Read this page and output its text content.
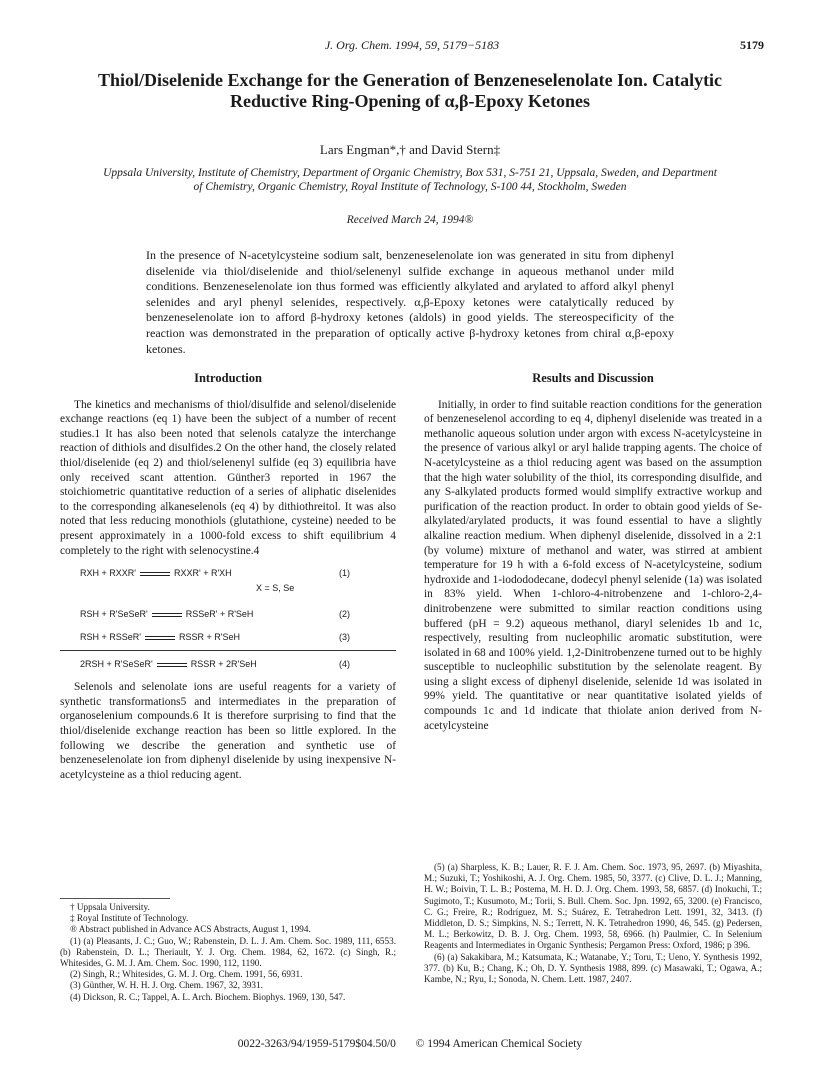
J. Org. Chem. 1994, 59, 5179−5183	5179
Thiol/Diselenide Exchange for the Generation of Benzeneselenolate Ion. Catalytic Reductive Ring-Opening of α,β-Epoxy Ketones
Lars Engman*,† and David Stern‡
Uppsala University, Institute of Chemistry, Department of Organic Chemistry, Box 531, S-751 21, Uppsala, Sweden, and Department of Chemistry, Organic Chemistry, Royal Institute of Technology, S-100 44, Stockholm, Sweden
Received March 24, 1994®
In the presence of N-acetylcysteine sodium salt, benzeneselenolate ion was generated in situ from diphenyl diselenide via thiol/diselenide and thiol/selenenyl sulfide exchange in aqueous methanol under mild conditions. Benzeneselenolate ion thus formed was efficiently alkylated and arylated to afford alkyl phenyl selenides and aryl phenyl selenides, respectively. α,β-Epoxy ketones were catalytically reduced by benzeneselenolate ion to afford β-hydroxy ketones (aldols) in good yields. The stereospecificity of the reaction was demonstrated in the preparation of optically active β-hydroxy ketones from chiral α,β-epoxy ketones.
Introduction

The kinetics and mechanisms of thiol/disulfide and selenol/diselenide exchange reactions (eq 1) have been the subject of a number of recent studies.1 It has also been noted that selenols catalyze the interchange reaction of dithiols and disulfides.2 On the other hand, the closely related thiol/diselenide (eq 2) and thiol/selenenyl sulfide (eq 3) equilibria have only received scant attention. Günther3 reported in 1967 the stoichiometric quantitative reduction of a series of aliphatic diselenides to the corresponding alkaneselenols (eq 4) by dithiothreitol. It was also noted that less reducing monothiols (glutathione, cysteine) needed to be present approximately in a 1000-fold excess to shift equilibrium 4 completely to the right with selenocystine.4

RXH + RXXR'	RXXR' + R'XH	(1)
X = S, Se
RSH + R'SeSeR'	RSSeR' + R'SeH	(2)
RSH + RSSeR'	RSSR + R'SeH	(3)
2RSH + R'SeSeR'	RSSR + 2R'SeH	(4)

Selenols and selenolate ions are useful reagents for a variety of synthetic transformations5 and intermediates in the preparation of organoselenium compounds.6 It is therefore surprising to find that the thiol/diselenide exchange reaction has been so little explored. In the following we describe the generation and synthetic use of benzeneselenolate ion from diphenyl diselenide by using inexpensive N-acetylcysteine as a thiol reducing agent.

Results and Discussion

Initially, in order to find suitable reaction conditions for the generation of benzeneselenol according to eq 4, diphenyl diselenide was treated in a methanolic aqueous solution under argon with excess N-acetylcysteine in the presence of various alkyl or aryl halide trapping agents. The choice of N-acetylcysteine as a thiol reducing agent was based on the assumption that the high water solubility of the thiol, its corresponding disulfide, and any S-alkylated products formed would simplify extractive workup and purification of the reaction product. In order to obtain good yields of Se-alkylated/arylated products, it was found essential to have a slightly alkaline reaction medium. When diphenyl diselenide, dissolved in a 2:1 (by volume) mixture of methanol and water, was stirred at ambient temperature for 19 h with a 6-fold excess of N-acetylcysteine, sodium hydroxide and 1-iodododecane, dodecyl phenyl selenide (1a) was isolated in 83% yield. When 1-chloro-4-nitrobenzene and 1-chloro-2,4-dinitrobenzene were submitted to similar reaction conditions using buffered (pH = 9.2) aqueous methanol, diaryl selenides 1b and 1c, respectively, resulting from nucleophilic aromatic substitution, were isolated in 68 and 100% yield. 1,2-Dinitrobenzene turned out to be highly susceptible to nucleophilic substitution by the selenolate reagent. By using a slight excess of diphenyl diselenide, selenide 1d was isolated in 99% yield. The quantitative or near quantitative isolated yields of compounds 1c and 1d indicate that thiolate anion derived from N-acetylcysteine

† Uppsala University.

‡ Royal Institute of Technology.

® Abstract published in Advance ACS Abstracts, August 1, 1994.

(1) (a) Pleasants, J. C.; Guo, W.; Rabenstein, D. L. J. Am. Chem. Soc. 1989, 111, 6553. (b) Rabenstein, D. L.; Theriault, Y. J. Org. Chem. 1984, 62, 1672. (c) Singh, R.; Whitesides, G. M. J. Am. Chem. Soc. 1990, 112, 1190.

(2) Singh, R.; Whitesides, G. M. J. Org. Chem. 1991, 56, 6931.

(3) Günther, W. H. H. J. Org. Chem. 1967, 32, 3931.

(4) Dickson, R. C.; Tappel, A. L. Arch. Biochem. Biophys. 1969, 130, 547.

(5) (a) Sharpless, K. B.; Lauer, R. F. J. Am. Chem. Soc. 1973, 95, 2697. (b) Miyashita, M.; Suzuki, T.; Yoshikoshi, A. J. Org. Chem. 1985, 50, 3377. (c) Clive, D. L. J.; Manning, H. W.; Boivin, T. L. B.; Postema, M. H. D. J. Org. Chem. 1993, 58, 6857. (d) Inokuchi, T.; Sugimoto, T.; Kusumoto, M.; Torii, S. Bull. Chem. Soc. Jpn. 1992, 65, 3200. (e) Francisco, C. G.; Freire, R.; Rodríguez, M. S.; Suárez, E. Tetrahedron Lett. 1991, 32, 3413. (f) Middleton, D. S.; Simpkins, N. S.; Terrett, N. K. Tetrahedron 1990, 46, 545. (g) Pedersen, M. L.; Berkowitz, D. B. J. Org. Chem. 1993, 58, 6966. (h) Paulmier, C. In Selenium Reagents and Intermediates in Organic Synthesis; Pergamon Press: Oxford, 1986; p 396.

(6) (a) Sakakibara, M.; Katsumata, K.; Watanabe, Y.; Toru, T.; Ueno, Y. Synthesis 1992, 377. (b) Ku, B.; Chang, K.; Oh, D. Y. Synthesis 1988, 899. (c) Masawaki, T.; Ogawa, A.; Kambe, N.; Ryu, I.; Sonoda, N. Chem. Lett. 1987, 2407.

0022-3263/94/1959-5179$04.50/0 © 1994 American Chemical Society
